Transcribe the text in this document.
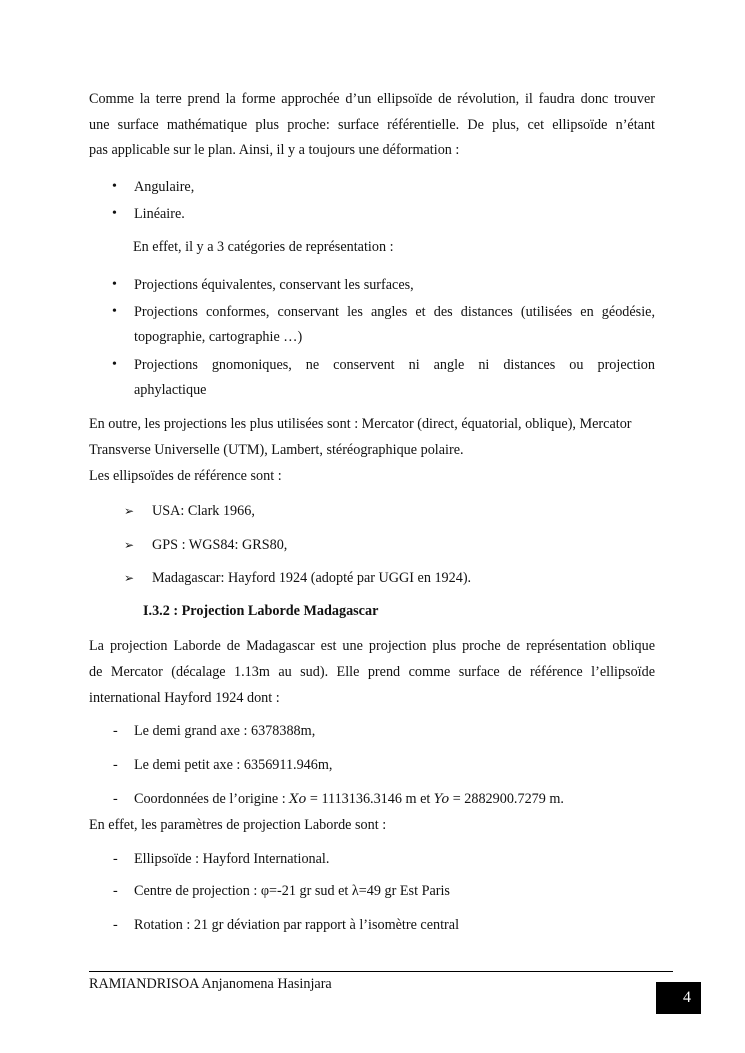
Comme la terre prend la forme approchée d’un ellipsoïde de révolution, il faudra donc trouver
une surface mathématique plus proche: surface référentielle. De plus, cet ellipsoïde n’étant
pas applicable sur le plan. Ainsi, il y a toujours une déformation :
• Angulaire,
• Linéaire.
En effet, il y a 3 catégories de représentation :
• Projections équivalentes, conservant les surfaces,
• Projections conformes, conservant les angles et des distances (utilisées en géodésie,
topographie, cartographie …)
• Projections gnomoniques, ne conservent ni angle ni distances ou projection
aphylactique
En outre, les projections les plus utilisées sont : Mercator (direct, équatorial, oblique), Mercator
Transverse Universelle (UTM), Lambert, stéréographique polaire.
Les ellipsoïdes de référence sont :
➢ USA: Clark 1966,
➢ GPS : WGS84: GRS80,
➢ Madagascar: Hayford 1924 (adopté par UGGI en 1924).
I.3.2 : Projection Laborde Madagascar
La projection Laborde de Madagascar est une projection plus proche de représentation oblique
de Mercator (décalage 1.13m au sud). Elle prend comme surface de référence l’ellipsoïde
international Hayford 1924 dont :
- Le demi grand axe : 6378388m,
- Le demi petit axe : 6356911.946m,
- Coordonnées de l’origine : Xo = 1113136.3146 m et Yo = 2882900.7279 m.
En effet, les paramètres de projection Laborde sont :
- Ellipsoïde : Hayford International.
- Centre de projection : φ=-21 gr sud et λ=49 gr Est Paris
- Rotation : 21 gr déviation par rapport à l’isomètre central
RAMIANDRISOA Anjanomena Hasinjara
4
